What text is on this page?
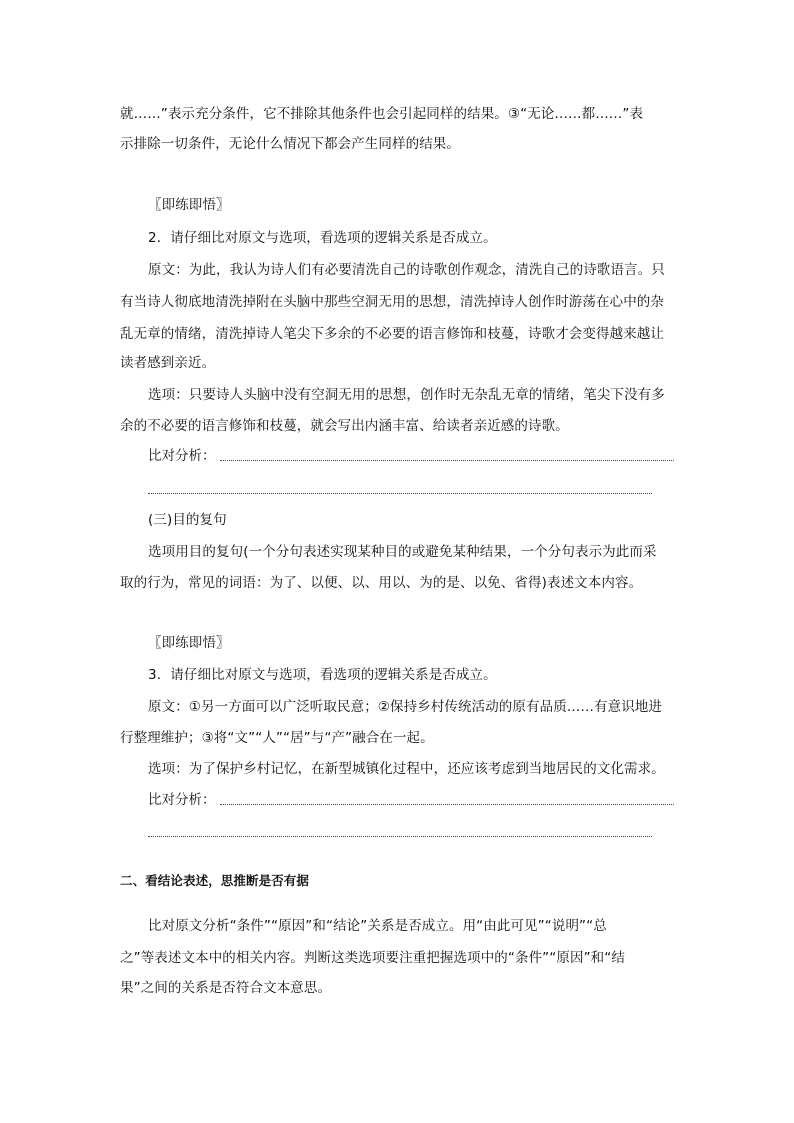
就……”表示充分条件，它不排除其他条件也会引起同样的结果。③“无论……都……”表
示排除一切条件，无论什么情况下都会产生同样的结果。
〖即练即悟〗
2．请仔细比对原文与选项，看选项的逻辑关系是否成立。
原文：为此，我认为诗人们有必要清洗自己的诗歌创作观念，清洗自己的诗歌语言。只
有当诗人彻底地清洗掉附在头脑中那些空洞无用的思想，清洗掉诗人创作时游荡在心中的杂
乱无章的情绪，清洗掉诗人笔尖下多余的不必要的语言修饰和枝蔓，诗歌才会变得越来越让
读者感到亲近。
选项：只要诗人头脑中没有空洞无用的思想，创作时无杂乱无章的情绪，笔尖下没有多
余的不必要的语言修饰和枝蔓，就会写出内涵丰富、给读者亲近感的诗歌。
比对分析：
(三)目的复句
选项用目的复句(一个分句表述实现某种目的或避免某种结果，一个分句表示为此而采
取的行为，常见的词语：为了、以便、以、用以、为的是、以免、省得)表述文本内容。
〖即练即悟〗
3．请仔细比对原文与选项，看选项的逻辑关系是否成立。
原文：①另一方面可以广泛听取民意；②保持乡村传统活动的原有品质……有意识地进
行整理维护；③将“文”“人”“居”与“产”融合在一起。
选项：为了保护乡村记忆，在新型城镇化过程中，还应该考虑到当地居民的文化需求。
比对分析：
二、看结论表述，思推断是否有据
比对原文分析“条件”“原因”和“结论”关系是否成立。用“由此可见”“说明”“总
之”等表述文本中的相关内容。判断这类选项要注重把握选项中的“条件”“原因”和“结
果”之间的关系是否符合文本意思。
